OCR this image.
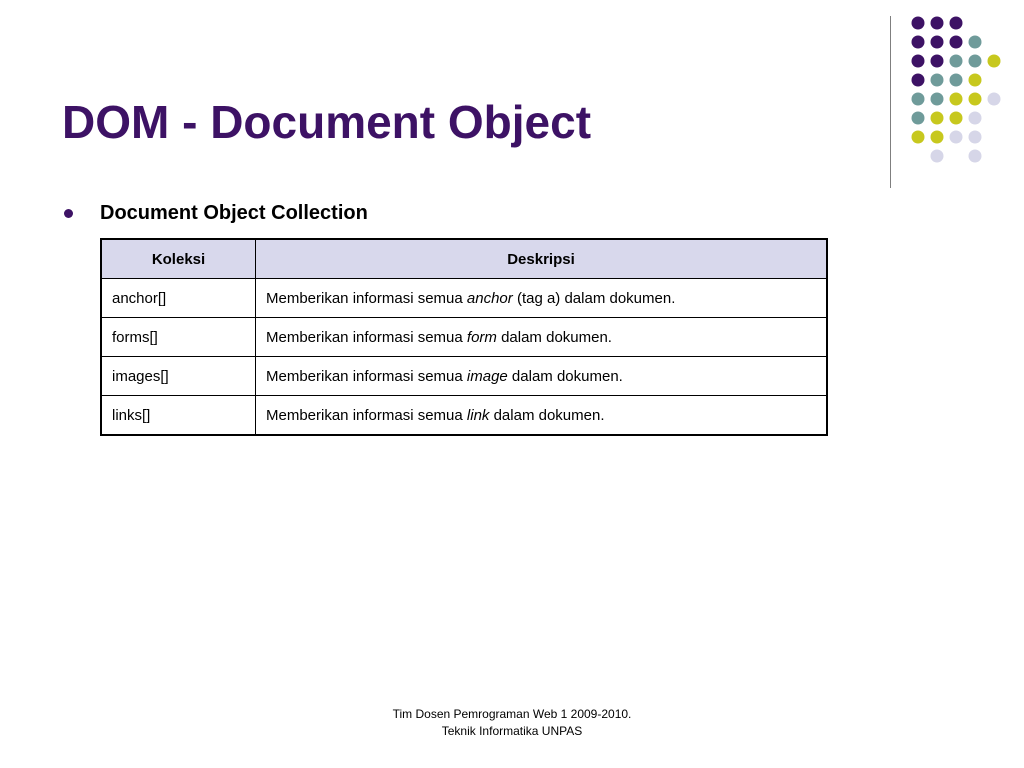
DOM - Document Object
Document Object Collection
Koleksi	Deskripsi
anchor[]	Memberikan informasi semua anchor (tag a) dalam dokumen.
forms[]	Memberikan informasi semua form dalam dokumen.
images[]	Memberikan informasi semua image dalam dokumen.
links[]	Memberikan informasi semua link dalam dokumen.
Tim Dosen Pemrograman Web 1 2009-2010.
Teknik Informatika UNPAS
